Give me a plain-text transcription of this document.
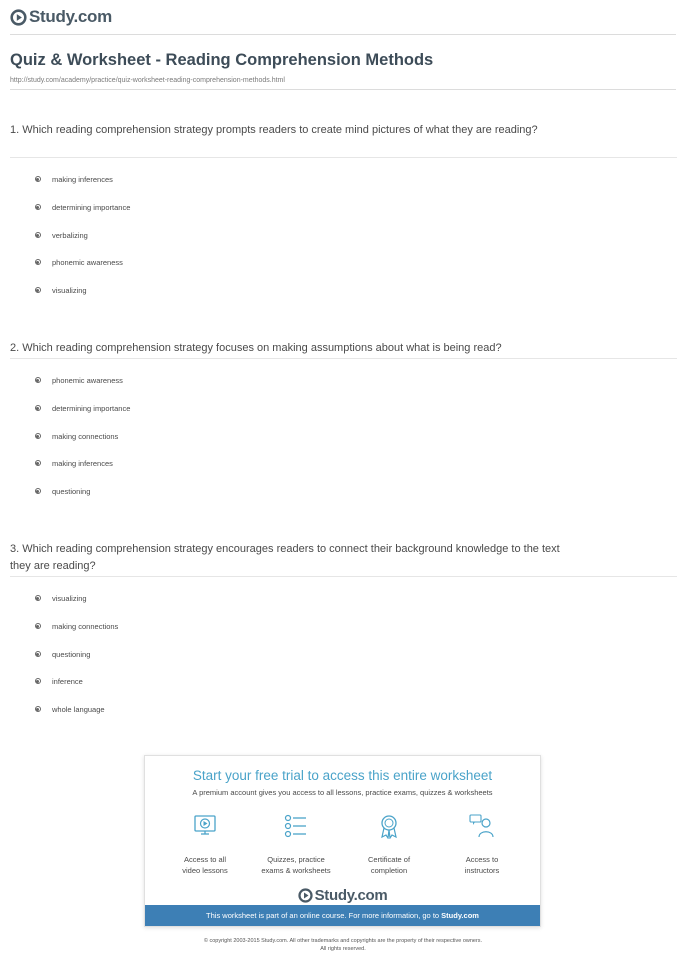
Study.com
Quiz & Worksheet - Reading Comprehension Methods
http://study.com/academy/practice/quiz-worksheet-reading-comprehension-methods.html
1. Which reading comprehension strategy prompts readers to create mind pictures of what they are reading?
making inferences
determining importance
verbalizing
phonemic awareness
visualizing
2. Which reading comprehension strategy focuses on making assumptions about what is being read?
phonemic awareness
determining importance
making connections
making inferences
questioning
3. Which reading comprehension strategy encourages readers to connect their background knowledge to the text they are reading?
visualizing
making connections
questioning
inference
whole language
Start your free trial to access this entire worksheet
A premium account gives you access to all lessons, practice exams, quizzes & worksheets
Access to all
video lessons
Quizzes, practice
exams & worksheets
Certificate of
completion
Access to
instructors
Study.com
This worksheet is part of an online course. For more information, go to Study.com
© copyright 2003-2015 Study.com. All other trademarks and copyrights are the property of their respective owners.
All rights reserved.
